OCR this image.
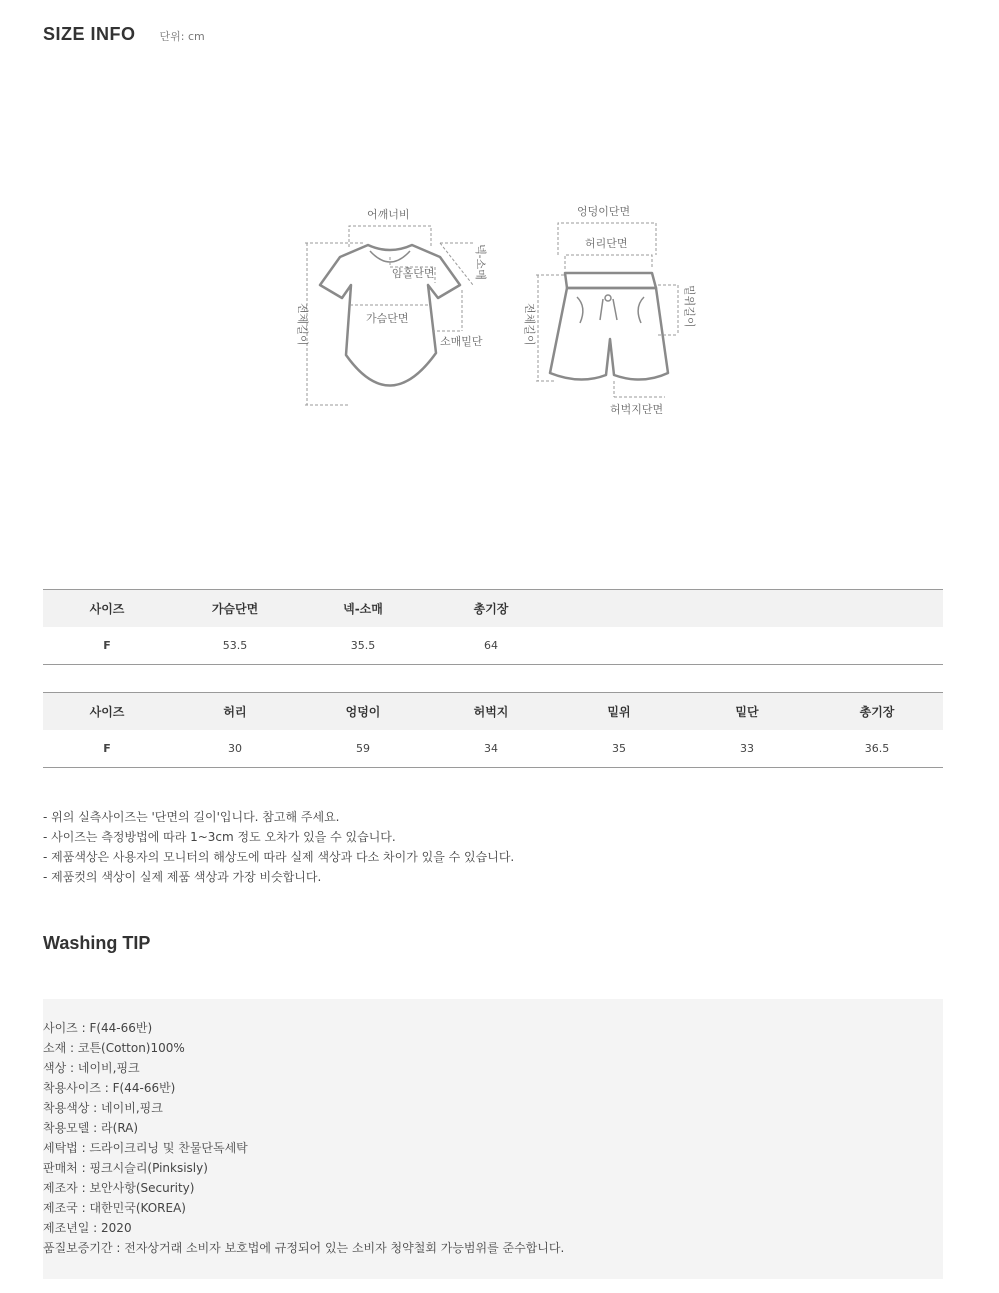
SIZE INFO 단위: cm
어깨너비
암홀단면
가슴단면
소매밑단
넥-소매
전체길이
엉덩이단면
허리단면
허벅지단면
전체길이	밑위길이
사이즈	가슴단면	넥-소매	총기장			
F	53.5	35.5	64			
사이즈	허리	엉덩이	허벅지	밑위	밑단	총기장
F	30	59	34	35	33	36.5
- 위의 실측사이즈는 '단면의 길이'입니다. 참고해 주세요.
- 사이즈는 측정방법에 따라 1~3cm 정도 오차가 있을 수 있습니다.
- 제품색상은 사용자의 모니터의 해상도에 따라 실제 색상과 다소 차이가 있을 수 있습니다.
- 제품컷의 색상이 실제 제품 색상과 가장 비슷합니다.
Washing TIP
사이즈 : F(44-66반)
소재 : 코튼(Cotton)100%
색상 : 네이비,핑크
착용사이즈 : F(44-66반)
착용색상 : 네이비,핑크
착용모델 : 라(RA)
세탁법 : 드라이크리닝 및 찬물단독세탁
판매처 : 핑크시슬리(Pinksisly)
제조자 : 보안사항(Security)
제조국 : 대한민국(KOREA)
제조년일 : 2020
품질보증기간 : 전자상거래 소비자 보호법에 규정되어 있는 소비자 청약철회 가능범위를 준수합니다.
